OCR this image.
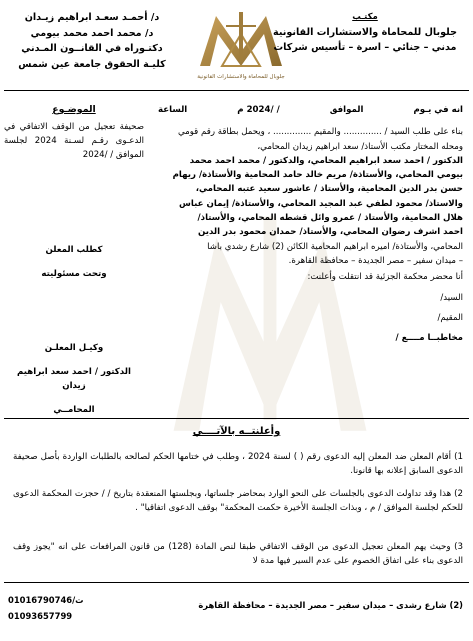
د/ أحمـد سعـد ابراهيم زيـدان
د/ محمد احمد محمد بيومي
دكتـوراه في القانــون المـدني
كليـة الحقوق جامعة عين شمس
جلوبال للمحاماة والاستشارات القانونية
مكتـب
جلوبال للمحاماة والاستشارات القانونية
مدني – جنائي – اسرة – تأسيس شركات
الموضـوع
صحيفة تعجيل من الوقف الاتفاقي في الدعـوى رقـم لسـنة 2024 لجلسة الموافق / /2024
كطلب المعلن
وتحت مسئوليته
وكيـل المعلـن
الدكتور / احمد سعد ابراهيم زيدان
المحامــي
انه في يـوم
الموافق
/ /2024 م
الساعة
بناء على طلب السيد / .............. والمقيم .............. ، ويحمل بطاقة رقم قومي
ومحله المختار مكتب الأستاذ/ سعد ابراهيم زيدان المحامي،
الدكتور / احمد سعد ابراهيم المحامي، والدكتور / محمد احمد محمد
بيومي المحامي، والأستاذة/ مريم خالد حامد المحامية والأستاذة/ ريهام
حسن بدر الدين المحامية، والأستاذ / عاشور سعيد عتبه المحامي،
والاستاذ/ محمود لطفي عبد المجيد المحامي، والأستاذة/ إيمان عباس
هلال المحامية، والأستاذ / عمرو وائل قشطه المحامي، والأستاذ/
احمد اشرف رضوان المحامي، والأستاذ/ حمدان محمود بدر الدين
المحامي، والأستاذة/ اميره ابراهيم المحامية الكائن (2) شارع رشدي باشا
– ميدان سفير – مصر الجديدة – محافظة القاهرة.
أنا محضر محكمة الجزئية قد انتقلت وأعلنت:
السيد/
المقيم/
مخاطبــا مــــع /
وأعلنتــه بالآتــــي
1) أقام المعلن ضد المعلن إليه الدعوى رقم ( ) لسنة 2024 ، وطلب في ختامها الحكم لصالحه بالطلبات الواردة بأصل صحيفة الدعوى السابق إعلانه بها قانونا.
2) هذا وقد تداولت الدعوى بالجلسات على النحو الوارد بمحاضر جلساتها، وبجلستها المنعقدة بتاريخ / / حجزت المحكمة الدعوى للحكم لجلسة الموافق / م ، وبذات الجلسة الأخيرة حكمت المحكمة" بوقف الدعوى اتفاقيا" .
3) وحيث يهم المعلن تعجيل الدعوى من الوقف الاتفاقي طبقا لنص المادة (128) من قانون المرافعات على انه "يجوز وقف الدعوى بناء على اتفاق الخصوم على عدم السير فيها مدة لا
ت/01016790746
01093657799
(2) شارع رشدى – ميدان سفير – مصر الجديدة – محافظة القاهرة
